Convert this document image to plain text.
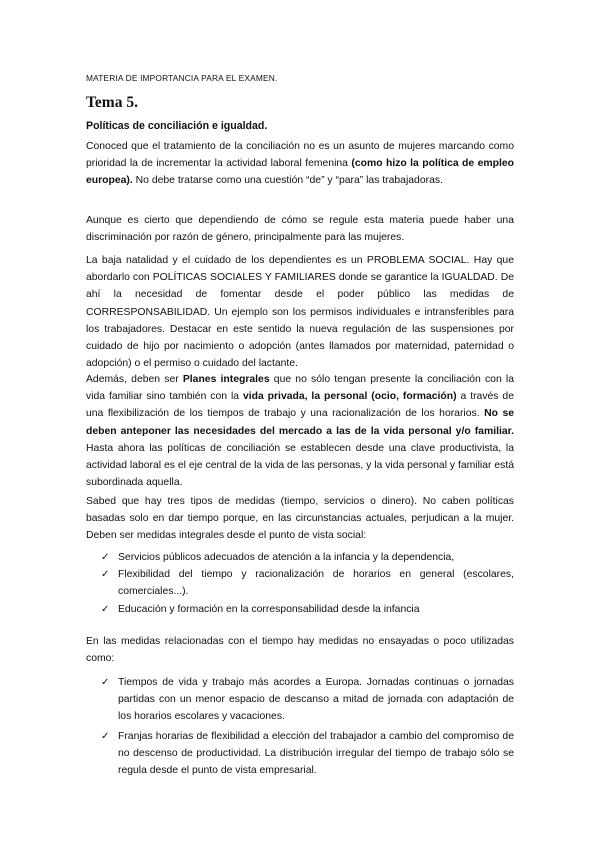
MATERIA DE IMPORTANCIA PARA EL EXAMEN.
Tema 5.
Políticas de conciliación e igualdad.

Conoced que el tratamiento de la conciliación no es un asunto de mujeres marcando como prioridad la de incrementar la actividad laboral femenina (como hizo la política de empleo europea). No debe tratarse como una cuestión “de” y “para” las trabajadoras.

Aunque es cierto que dependiendo de cómo se regule esta materia puede haber una discriminación por razón de género, principalmente para las mujeres.

La baja natalidad y el cuidado de los dependientes es un PROBLEMA SOCIAL. Hay que abordarlo con POLÍTICAS SOCIALES Y FAMILIARES donde se garantice la IGUALDAD. De ahí la necesidad de fomentar desde el poder público las medidas de CORRESPONSABILIDAD. Un ejemplo son los permisos individuales e intransferibles para los trabajadores. Destacar en este sentido la nueva regulación de las suspensiones por cuidado de hijo por nacimiento o adopción (antes llamados por maternidad, paternidad o adopción) o el permiso o cuidado del lactante.

Además, deben ser Planes integrales que no sólo tengan presente la conciliación con la vida familiar sino también con la vida privada, la personal (ocio, formación) a través de una flexibilización de los tiempos de trabajo y una racionalización de los horarios. No se deben anteponer las necesidades del mercado a las de la vida personal y/o familiar. Hasta ahora las políticas de conciliación se establecen desde una clave productivista, la actividad laboral es el eje central de la vida de las personas, y la vida personal y familiar está subordinada aquella.

Sabed que hay tres tipos de medidas (tiempo, servicios o dinero). No caben políticas basadas solo en dar tiempo porque, en las circunstancias actuales, perjudican a la mujer. Deben ser medidas integrales desde el punto de vista social:

✓ Servicios públicos adecuados de atención a la infancia y la dependencia,
✓ Flexibilidad del tiempo y racionalización de horarios en general (escolares, comerciales...).
✓ Educación y formación en la corresponsabilidad desde la infancia

En las medidas relacionadas con el tiempo hay medidas no ensayadas o poco utilizadas como:

✓ Tiempos de vida y trabajo más acordes a Europa. Jornadas continuas o jornadas partidas con un menor espacio de descanso a mitad de jornada con adaptación de los horarios escolares y vacaciones.
✓ Franjas horarias de flexibilidad a elección del trabajador a cambio del compromiso de no descenso de productividad. La distribución irregular del tiempo de trabajo sólo se regula desde el punto de vista empresarial.
